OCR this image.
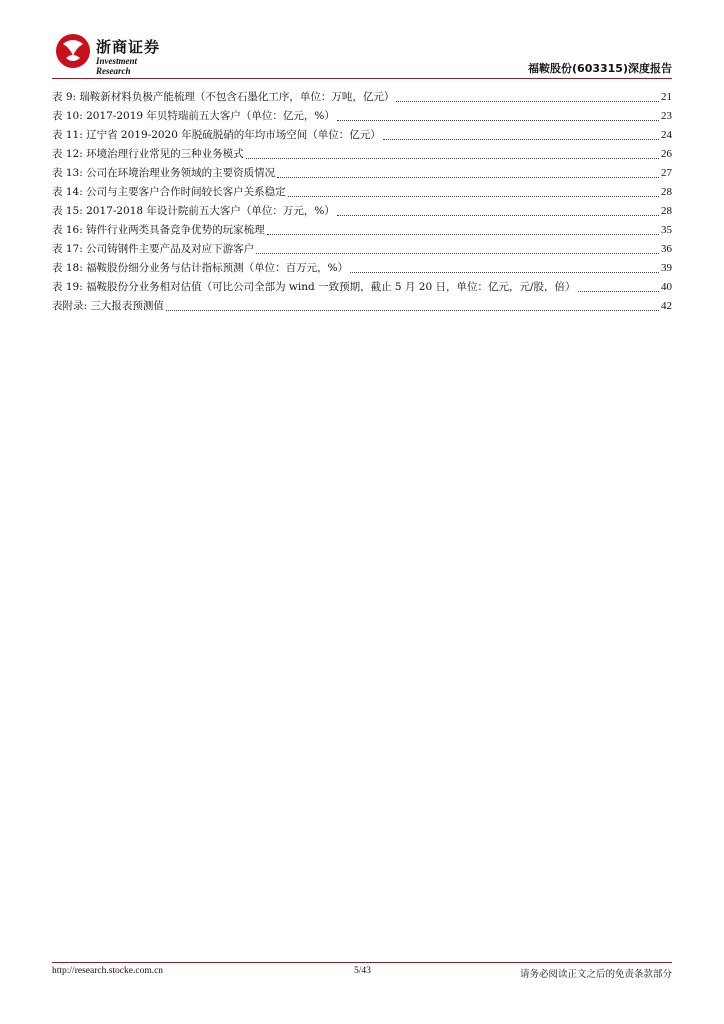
浙商证券
Investment Research	福鞍股份(603315)深度报告
表 9: 瑞鞍新材料负极产能梳理（不包含石墨化工序，单位：万吨，亿元）	21
表 10: 2017-2019 年贝特瑞前五大客户（单位：亿元，%）	23
表 11: 辽宁省 2019-2020 年脱硫脱硝的年均市场空间（单位：亿元）	24
表 12: 环境治理行业常见的三种业务模式	26
表 13: 公司在环境治理业务领域的主要资质情况	27
表 14: 公司与主要客户合作时间较长客户关系稳定	28
表 15: 2017-2018 年设计院前五大客户（单位：万元，%）	28
表 16: 铸件行业两类具备竞争优势的玩家梳理	35
表 17: 公司铸钢件主要产品及对应下游客户	36
表 18: 福鞍股份细分业务与估计指标预测（单位：百万元，%）	39
表 19: 福鞍股份分业务相对估值（可比公司全部为 wind 一致预期，截止 5 月 20 日，单位：亿元，元/股，倍）	40
表附录: 三大报表预测值	42
http://research.stocke.com.cn	5/43	请务必阅读正文之后的免责条款部分
